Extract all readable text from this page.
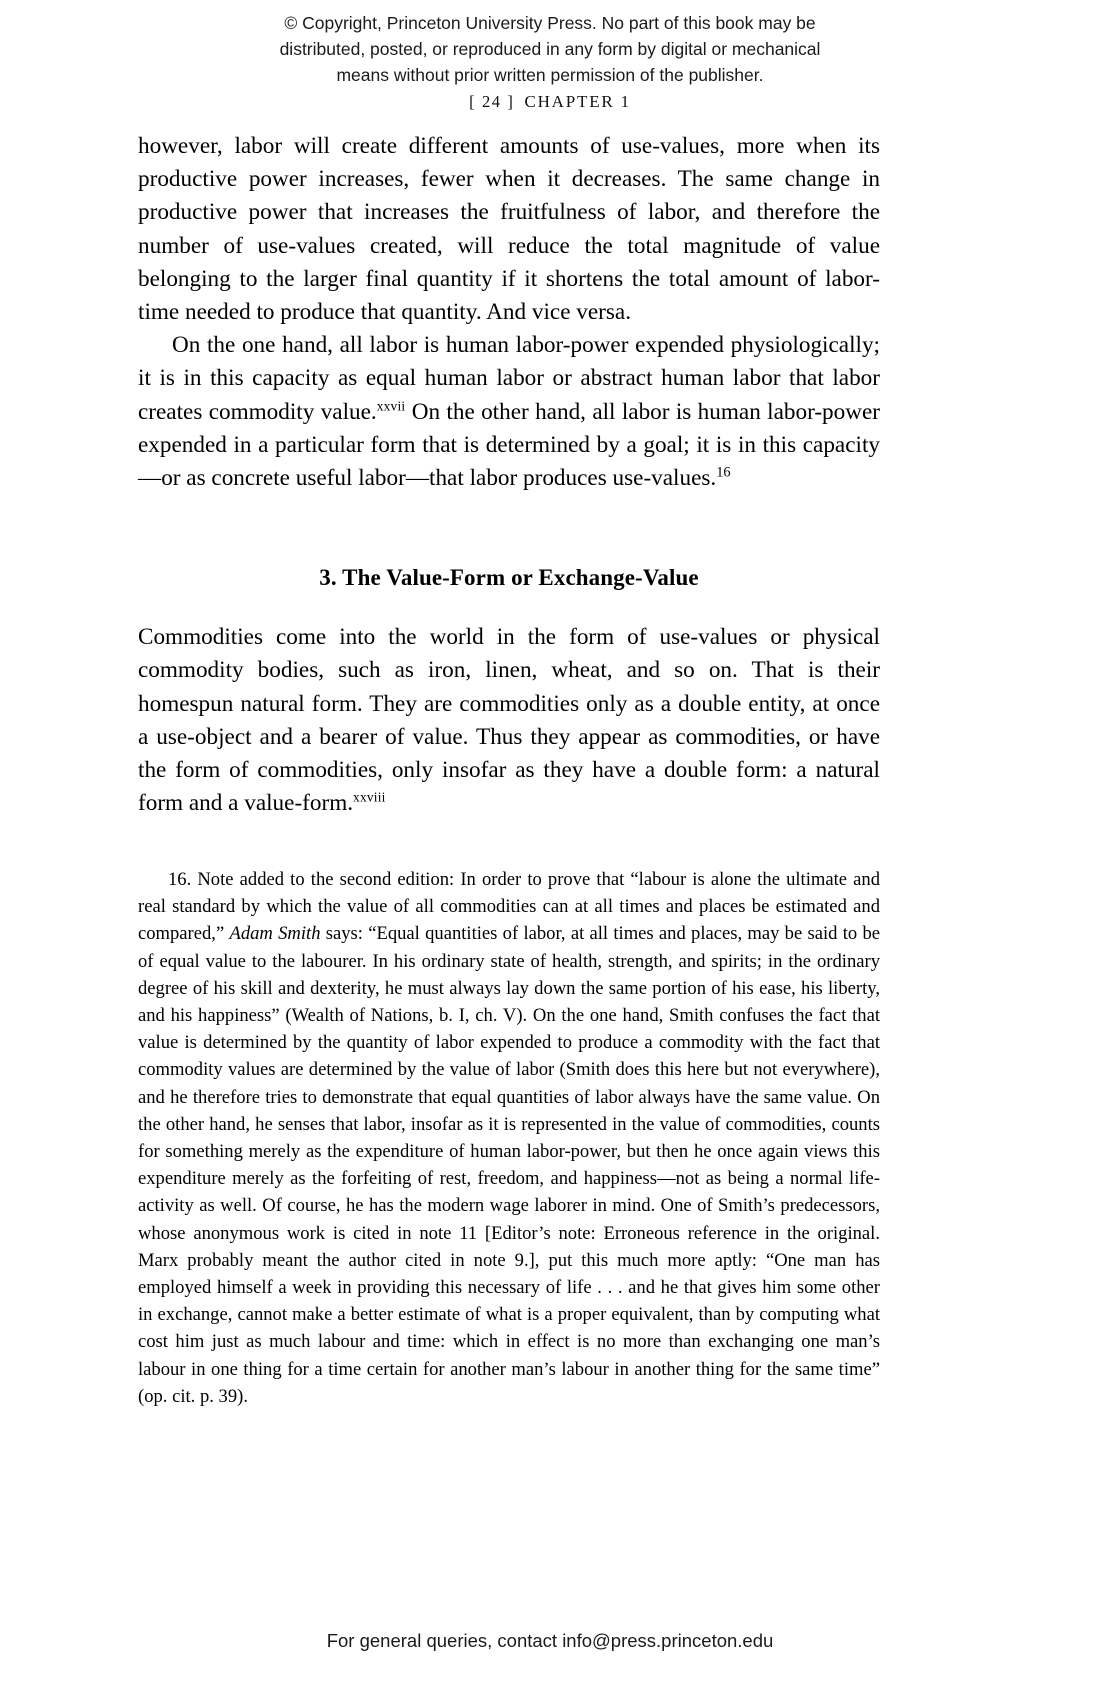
© Copyright, Princeton University Press. No part of this book may be
distributed, posted, or reproduced in any form by digital or mechanical
means without prior written permission of the publisher.
[ 24 ] CHAPTER 1

however, labor will create different amounts of use-values, more when its productive power increases, fewer when it decreases. The same change in productive power that increases the fruitfulness of labor, and therefore the number of use-values created, will reduce the total magnitude of value belonging to the larger final quantity if it shortens the total amount of labor-time needed to produce that quantity. And vice versa.

On the one hand, all labor is human labor-power expended physiologically; it is in this capacity as equal human labor or abstract human labor that labor creates commodity value.$^{xxvii}$ On the other hand, all labor is human labor-power expended in a particular form that is determined by a goal; it is in this capacity—or as concrete useful labor—that labor produces use-values.$^{16}$

3. The Value-Form or Exchange-Value

Commodities come into the world in the form of use-values or physical commodity bodies, such as iron, linen, wheat, and so on. That is their homespun natural form. They are commodities only as a double entity, at once a use-object and a bearer of value. Thus they appear as commodities, or have the form of commodities, only insofar as they have a double form: a natural form and a value-form.$^{xxviii}$

16. Note added to the second edition: In order to prove that “labour is alone the ultimate and real standard by which the value of all commodities can at all times and places be estimated and compared,” Adam Smith says: “Equal quantities of labor, at all times and places, may be said to be of equal value to the labourer. In his ordinary state of health, strength, and spirits; in the ordinary degree of his skill and dexterity, he must always lay down the same portion of his ease, his liberty, and his happiness” (Wealth of Nations, b. I, ch. V). On the one hand, Smith confuses the fact that value is determined by the quantity of labor expended to produce a commodity with the fact that commodity values are determined by the value of labor (Smith does this here but not everywhere), and he therefore tries to demonstrate that equal quantities of labor always have the same value. On the other hand, he senses that labor, insofar as it is represented in the value of commodities, counts for something merely as the expenditure of human labor-power, but then he once again views this expenditure merely as the forfeiting of rest, freedom, and happiness—not as being a normal life-activity as well. Of course, he has the modern wage laborer in mind. One of Smith’s predecessors, whose anonymous work is cited in note 11 [Editor’s note: Erroneous reference in the original. Marx probably meant the author cited in note 9.], put this much more aptly: “One man has employed himself a week in providing this necessary of life . . . and he that gives him some other in exchange, cannot make a better estimate of what is a proper equivalent, than by computing what cost him just as much labour and time: which in effect is no more than exchanging one man’s labour in one thing for a time certain for another man’s labour in another thing for the same time” (op. cit. p. 39).

For general queries, contact info@press.princeton.edu
